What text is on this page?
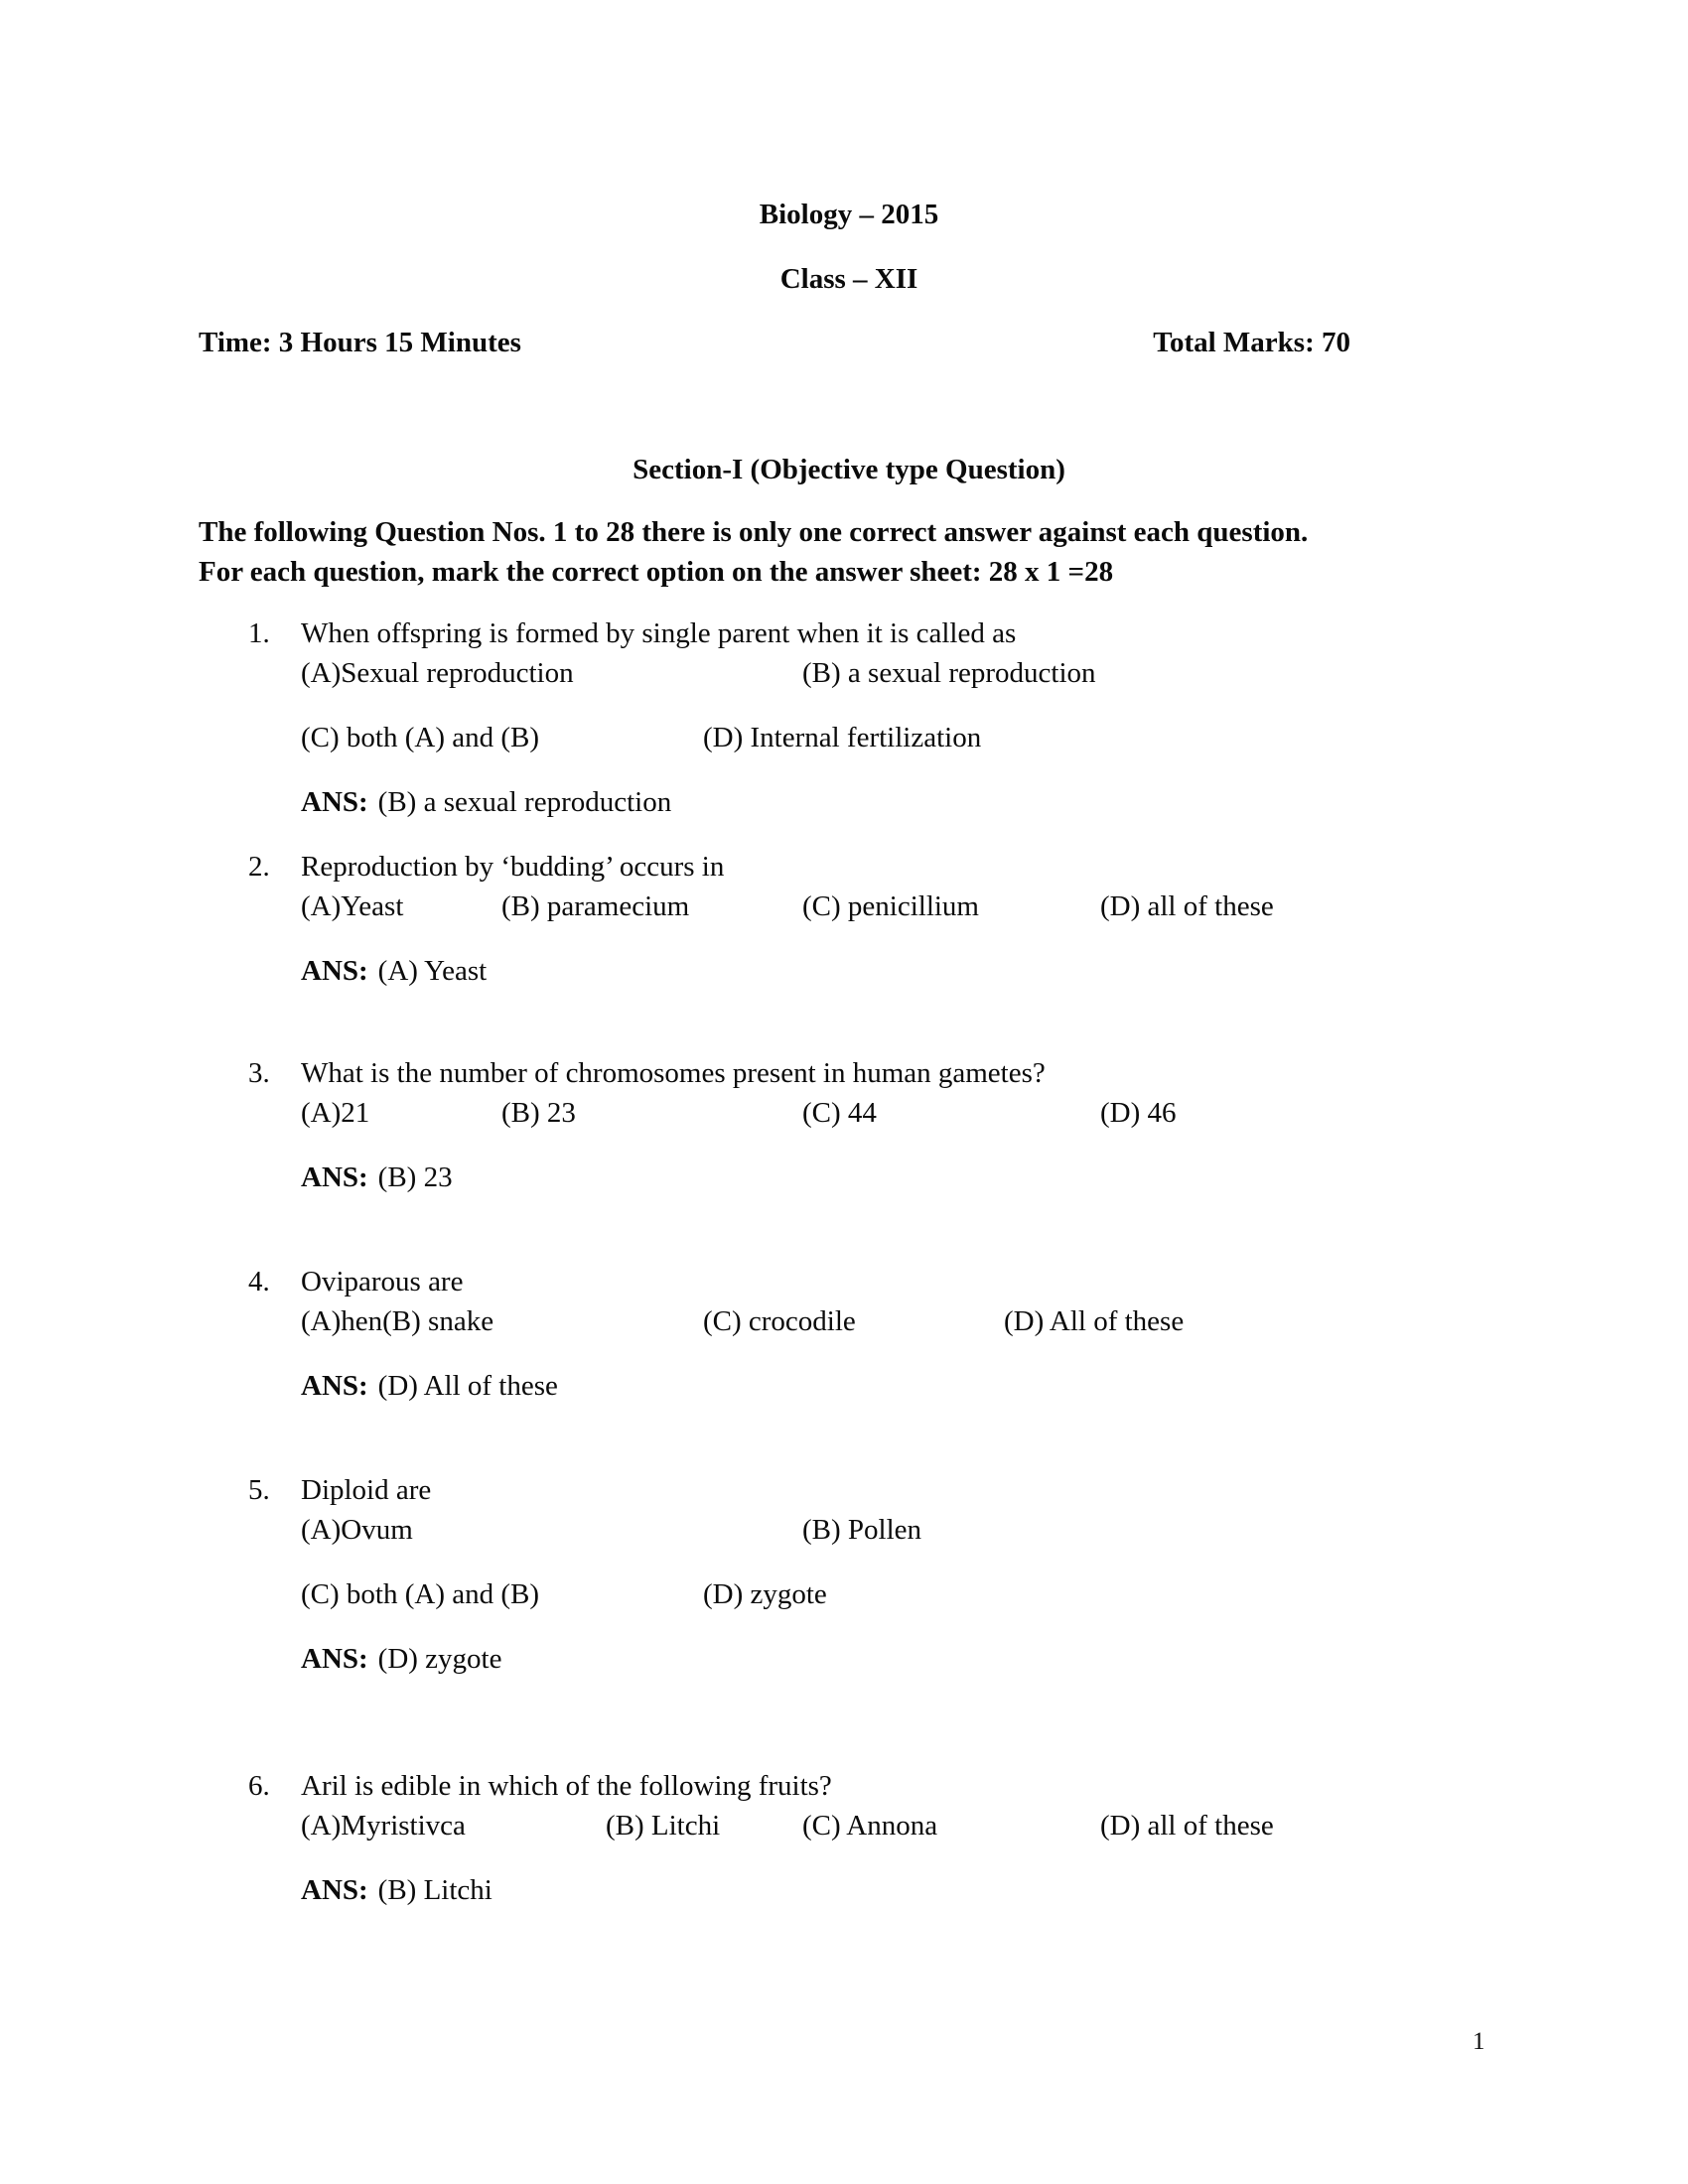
Biology – 2015
Class – XII
Time: 3 Hours 15 Minutes	Total Marks: 70
Section-I (Objective type Question)
The following Question Nos. 1 to 28 there is only one correct answer against each question.
For each question, mark the correct option on the answer sheet: 28 x 1 =28
1. When offspring is formed by single parent when it is called as
(A)Sexual reproduction	(B) a sexual reproduction
(C) both (A) and (B)	(D) Internal fertilization
ANS: (B) a sexual reproduction
2. Reproduction by ‘budding’ occurs in
(A)Yeast	(B) paramecium	(C) penicillium	(D) all of these
ANS: (A) Yeast
3. What is the number of chromosomes present in human gametes?
(A)21	(B) 23	(C) 44	(D) 46
ANS: (B) 23
4. Oviparous are
(A)hen(B) snake	(C) crocodile	(D) All of these
ANS: (D) All of these
5. Diploid are
(A)Ovum	(B) Pollen
(C) both (A) and (B)	(D) zygote
ANS: (D) zygote
6. Aril is edible in which of the following fruits?
(A)Myristivca	(B) Litchi	(C) Annona	(D) all of these
ANS: (B) Litchi
1
